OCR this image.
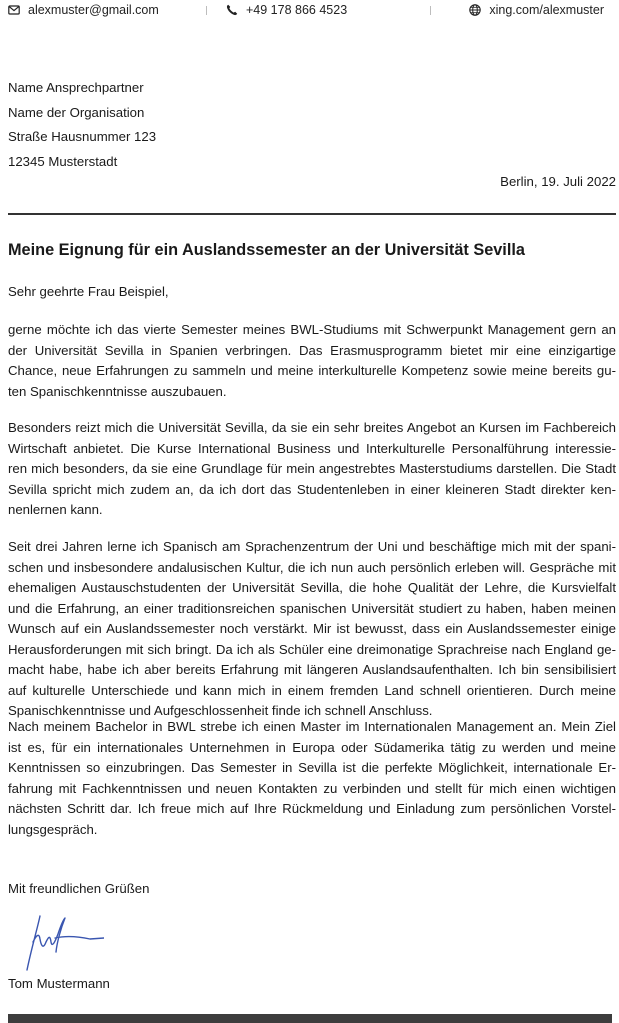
alexmuster@gmail.com	+49 178 866 4523	xing.com/alexmuster
Name Ansprechpartner
Name der Organisation
Straße Hausnummer 123
12345 Musterstadt
Berlin, 19. Juli 2022
Meine Eignung für ein Auslandssemester an der Universität Sevilla
Sehr geehrte Frau Beispiel,
gerne möchte ich das vierte Semester meines BWL-Studiums mit Schwerpunkt Management gern an
der Universität Sevilla in Spanien verbringen. Das Erasmusprogramm bietet mir eine einzigartige
Chance, neue Erfahrungen zu sammeln und meine interkulturelle Kompetenz sowie meine bereits gu-
ten Spanischkenntnisse auszubauen.
Besonders reizt mich die Universität Sevilla, da sie ein sehr breites Angebot an Kursen im Fachbereich
Wirtschaft anbietet. Die Kurse International Business und Interkulturelle Personalführung interessie-
ren mich besonders, da sie eine Grundlage für mein angestrebtes Masterstudiums darstellen. Die Stadt
Sevilla spricht mich zudem an, da ich dort das Studentenleben in einer kleineren Stadt direkter ken-
nenlernen kann.
Seit drei Jahren lerne ich Spanisch am Sprachenzentrum der Uni und beschäftige mich mit der spani-
schen und insbesondere andalusischen Kultur, die ich nun auch persönlich erleben will. Gespräche mit
ehemaligen Austauschstudenten der Universität Sevilla, die hohe Qualität der Lehre, die Kursvielfalt
und die Erfahrung, an einer traditionsreichen spanischen Universität studiert zu haben, haben meinen
Wunsch auf ein Auslandssemester noch verstärkt. Mir ist bewusst, dass ein Auslandssemester einige
Herausforderungen mit sich bringt. Da ich als Schüler eine dreimonatige Sprachreise nach England ge-
macht habe, habe ich aber bereits Erfahrung mit längeren Auslandsaufenthalten. Ich bin sensibilisiert
auf kulturelle Unterschiede und kann mich in einem fremden Land schnell orientieren. Durch meine
Spanischkenntnisse und Aufgeschlossenheit finde ich schnell Anschluss.
Nach meinem Bachelor in BWL strebe ich einen Master im Internationalen Management an. Mein Ziel
ist es, für ein internationales Unternehmen in Europa oder Südamerika tätig zu werden und meine
Kenntnissen so einzubringen. Das Semester in Sevilla ist die perfekte Möglichkeit, internationale Er-
fahrung mit Fachkenntnissen und neuen Kontakten zu verbinden und stellt für mich einen wichtigen
nächsten Schritt dar. Ich freue mich auf Ihre Rückmeldung und Einladung zum persönlichen Vorstel-
lungsgespräch.
Mit freundlichen Grüßen
Tom Mustermann
